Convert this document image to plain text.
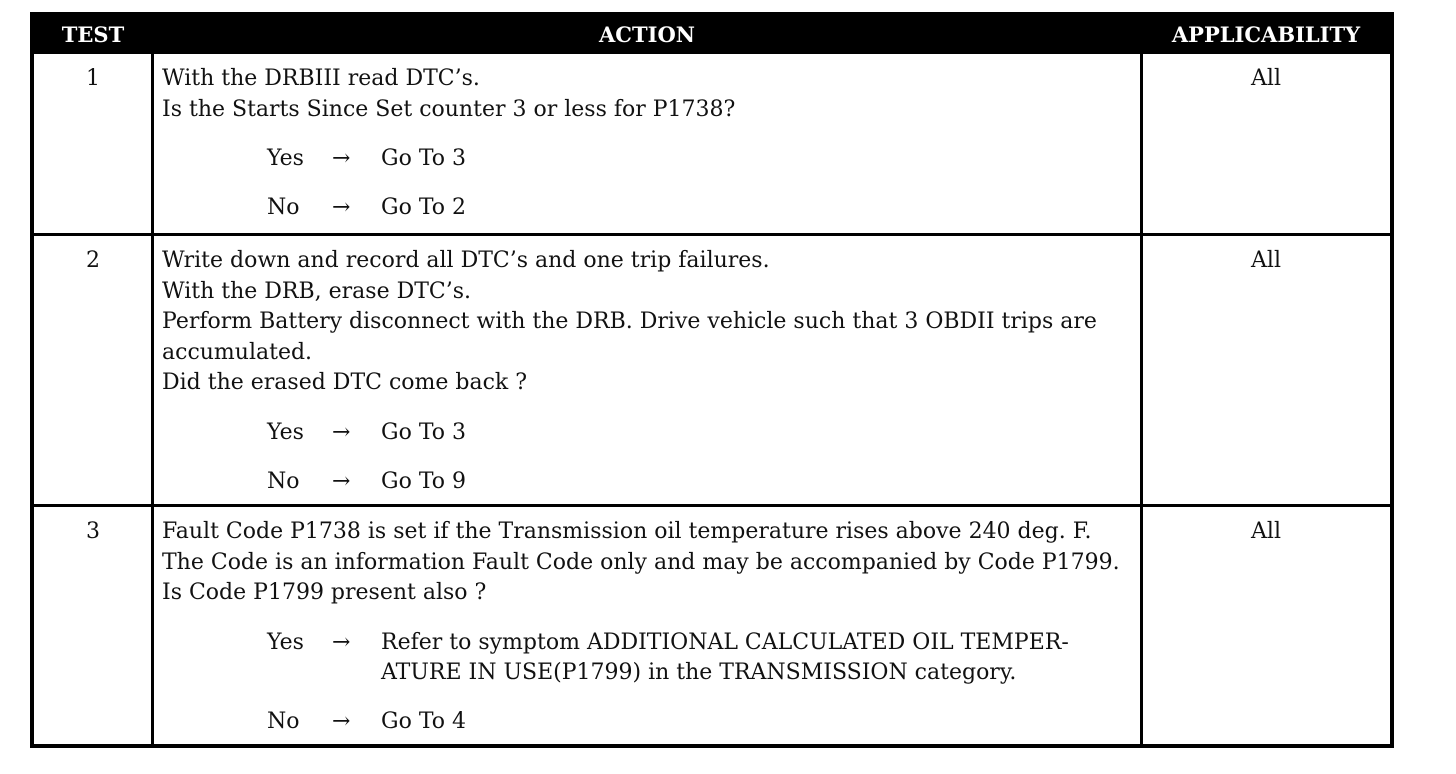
TEST	ACTION	APPLICABILITY
1	With the DRBIII read DTC’s.
Is the Starts Since Set counter 3 or less for P1738?
Yes → Go To 3
No → Go To 2
All
2	Write down and record all DTC’s and one trip failures.
With the DRB, erase DTC’s.
Perform Battery disconnect with the DRB. Drive vehicle such that 3 OBDII trips are
accumulated.
Did the erased DTC come back ?
Yes → Go To 3
No → Go To 9
All
3	Fault Code P1738 is set if the Transmission oil temperature rises above 240 deg. F.
The Code is an information Fault Code only and may be accompanied by Code P1799.
Is Code P1799 present also ?
Yes → Refer to symptom ADDITIONAL CALCULATED OIL TEMPER-
ATURE IN USE(P1799) in the TRANSMISSION category.
No → Go To 4
All
